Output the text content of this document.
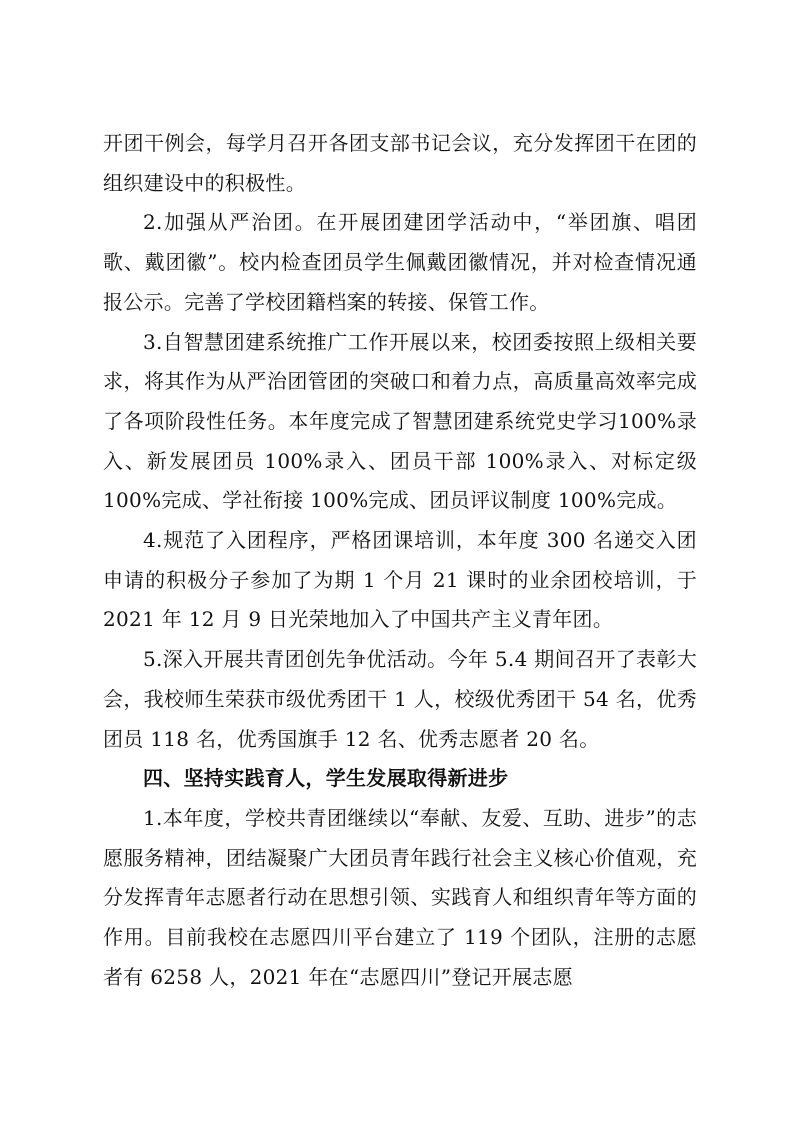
开团干例会，每学月召开各团支部书记会议，充分发挥团干在团的组织建设中的积极性。

2.加强从严治团。在开展团建团学活动中，“举团旗、唱团歌、戴团徽”。校内检查团员学生佩戴团徽情况，并对检查情况通报公示。完善了学校团籍档案的转接、保管工作。

3.自智慧团建系统推广工作开展以来，校团委按照上级相关要求，将其作为从严治团管团的突破口和着力点，高质量高效率完成了各项阶段性任务。本年度完成了智慧团建系统党史学习100%录入、新发展团员 100%录入、团员干部 100%录入、对标定级 100%完成、学社衔接 100%完成、团员评议制度 100%完成。

4.规范了入团程序，严格团课培训，本年度 300 名递交入团申请的积极分子参加了为期 1 个月 21 课时的业余团校培训，于2021 年 12 月 9 日光荣地加入了中国共产主义青年团。

5.深入开展共青团创先争优活动。今年 5.4 期间召开了表彰大会，我校师生荣获市级优秀团干 1 人，校级优秀团干 54 名，优秀团员 118 名，优秀国旗手 12 名、优秀志愿者 20 名。

四、坚持实践育人，学生发展取得新进步

1.本年度，学校共青团继续以“奉献、友爱、互助、进步”的志愿服务精神，团结凝聚广大团员青年践行社会主义核心价值观，充分发挥青年志愿者行动在思想引领、实践育人和组织青年等方面的作用。目前我校在志愿四川平台建立了 119 个团队，注册的志愿者有 6258 人，2021 年在“志愿四川”登记开展志愿
